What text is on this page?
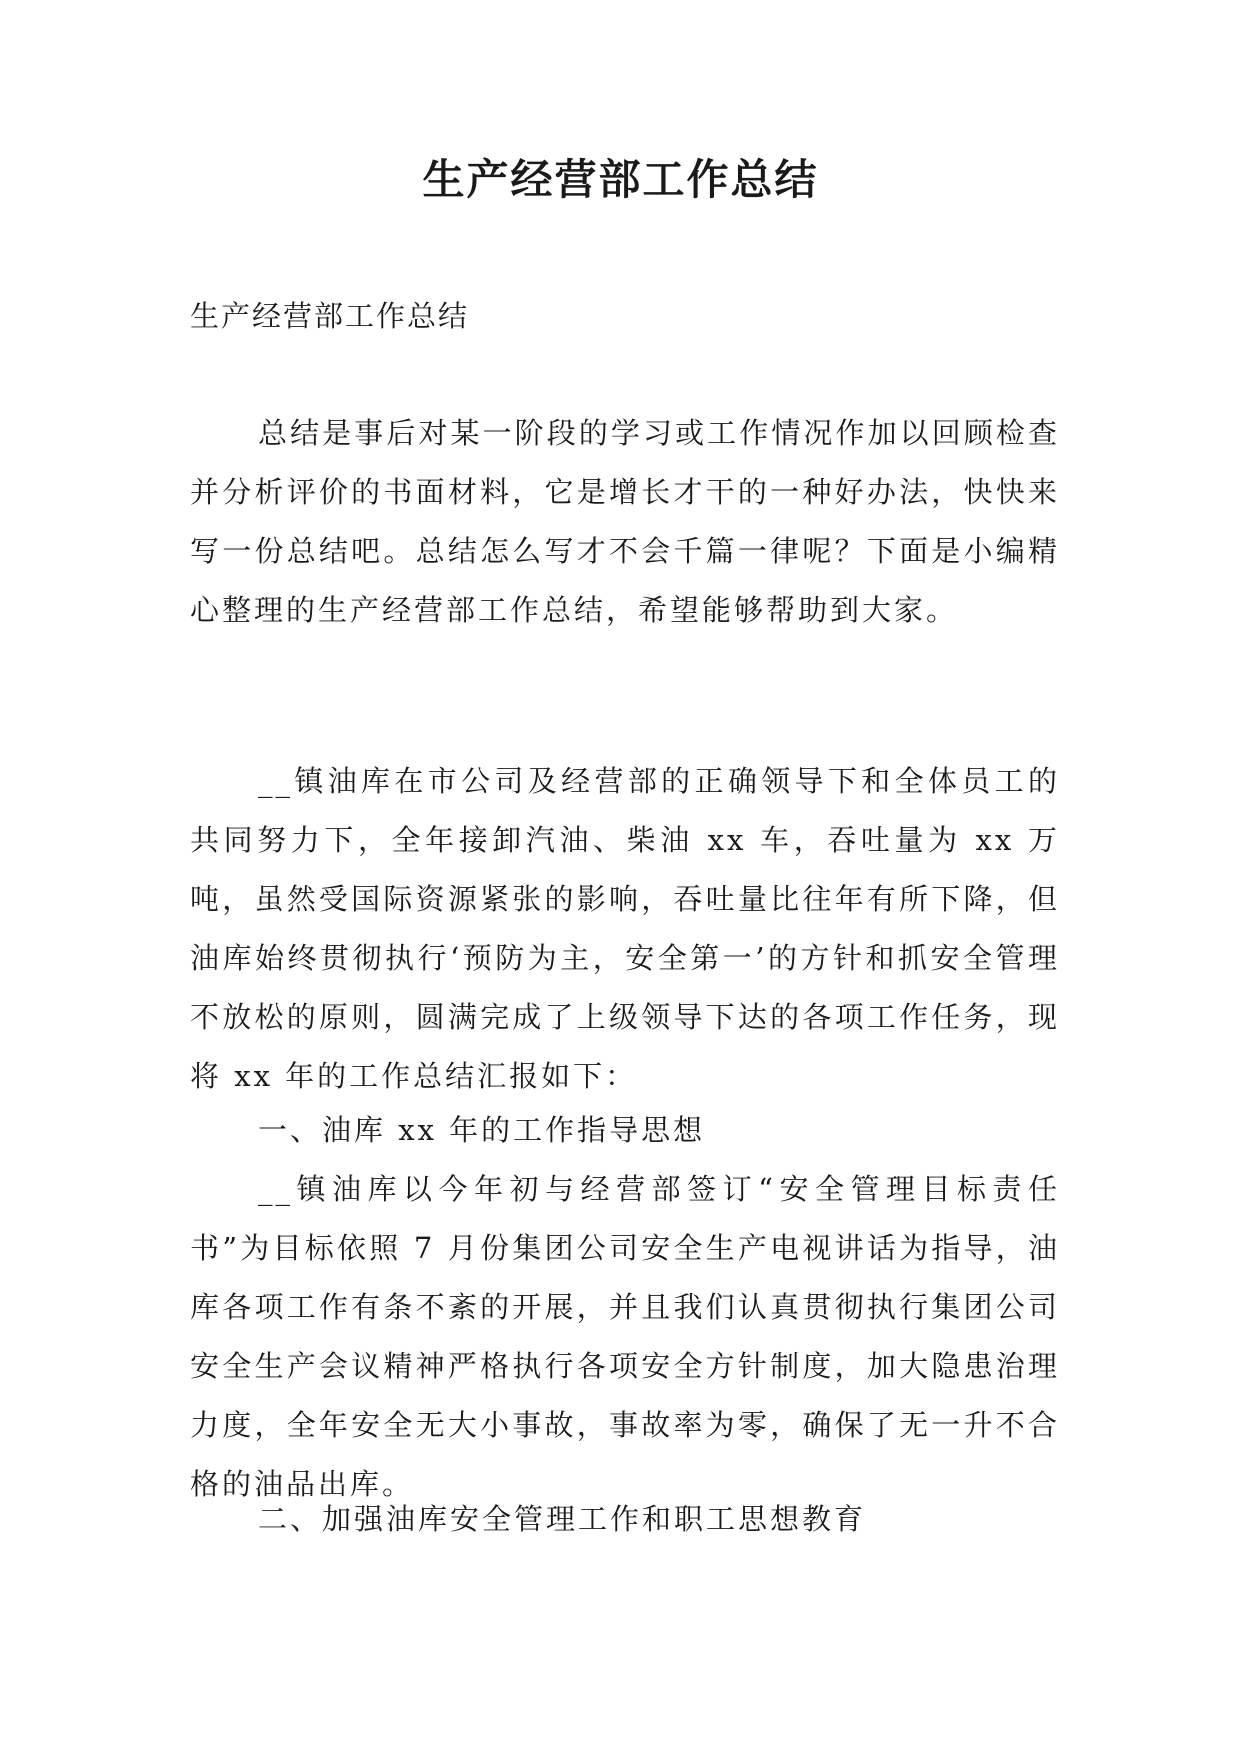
生产经营部工作总结
生产经营部工作总结

总结是事后对某一阶段的学习或工作情况作加以回顾检查并分析评价的书面材料，它是增长才干的一种好办法，快快来写一份总结吧。总结怎么写才不会千篇一律呢？下面是小编精心整理的生产经营部工作总结，希望能够帮助到大家。

__镇油库在市公司及经营部的正确领导下和全体员工的共同努力下，全年接卸汽油、柴油 xx 车，吞吐量为 xx 万吨，虽然受国际资源紧张的影响，吞吐量比往年有所下降，但油库始终贯彻执行‘预防为主，安全第一’的方针和抓安全管理不放松的原则，圆满完成了上级领导下达的各项工作任务，现将 xx 年的工作总结汇报如下：

一、油库 xx 年的工作指导思想

__镇油库以今年初与经营部签订“安全管理目标责任书”为目标依照 7 月份集团公司安全生产电视讲话为指导，油库各项工作有条不紊的开展，并且我们认真贯彻执行集团公司安全生产会议精神严格执行各项安全方针制度，加大隐患治理力度，全年安全无大小事故，事故率为零，确保了无一升不合格的油品出库。

二、加强油库安全管理工作和职工思想教育
